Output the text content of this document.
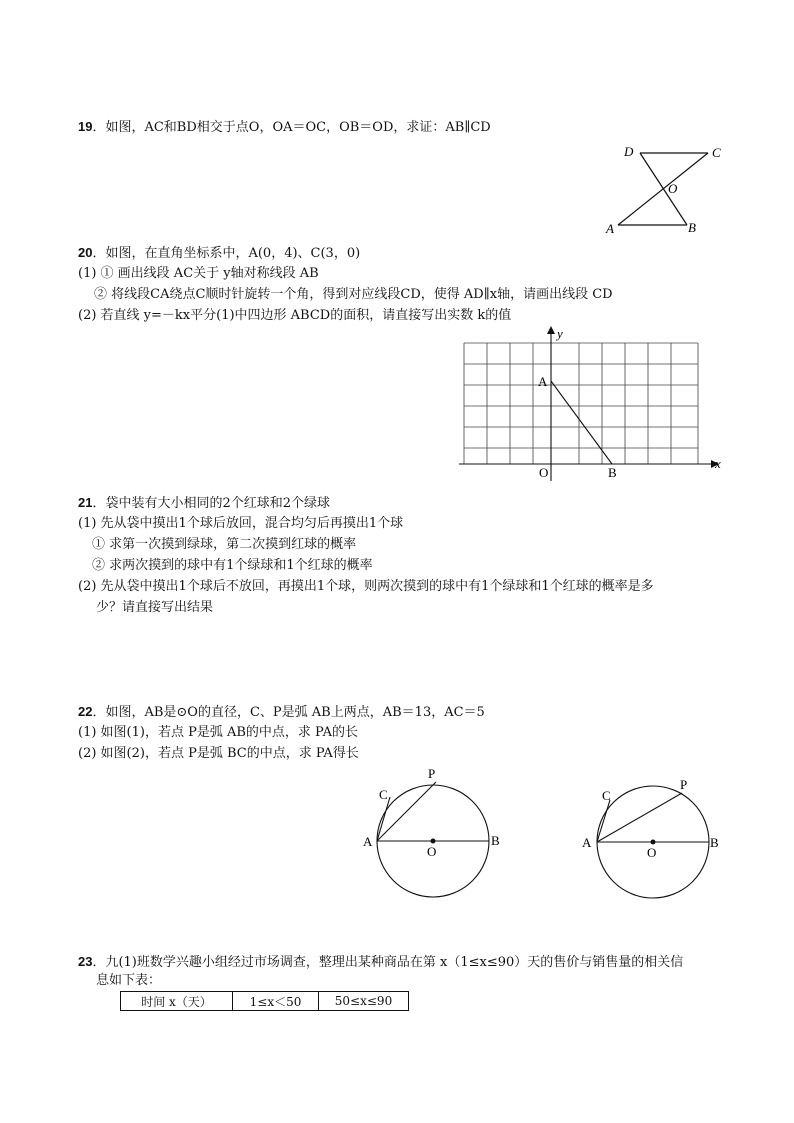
19．如图，AC和BD相交于点O，OA＝OC，OB＝OD，求证：AB∥CD
D	C
O
A	B
20．如图，在直角坐标系中，A(0，4)、C(3，0)
(1) ① 画出线段 AC关于 y轴对称线段 AB
② 将线段CA绕点C顺时针旋转一个角，得到对应线段CD，使得 AD∥x轴，请画出线段 CD
(2) 若直线 y=－kx平分(1)中四边形 ABCD的面积，请直接写出实数 k的值
y
x
A
O	B
21．袋中装有大小相同的2个红球和2个绿球
(1) 先从袋中摸出1个球后放回，混合均匀后再摸出1个球
① 求第一次摸到绿球，第二次摸到红球的概率
② 求两次摸到的球中有1个绿球和1个红球的概率
(2) 先从袋中摸出1个球后不放回，再摸出1个球，则两次摸到的球中有1个绿球和1个红球的概率是多
少？请直接写出结果
22．如图，AB是⊙O的直径，C、P是弧 AB上两点，AB＝13，AC＝5
(1) 如图(1)，若点 P是弧 AB的中点，求 PA的长
(2) 如图(2)，若点 P是弧 BC的中点，求 PA得长
P
C
A
O
B
P
C
A
O
B
23．九(1)班数学兴趣小组经过市场调查，整理出某种商品在第 x（1≤x≤90）天的售价与销售量的相关信
息如下表：
时间 x（天）	1≤x＜50	50≤x≤90
